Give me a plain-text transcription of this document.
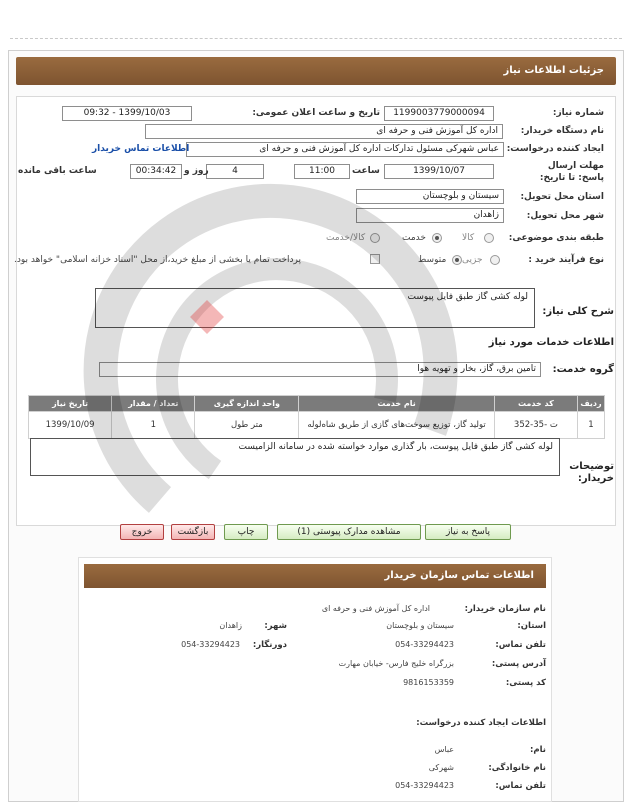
جزئیات اطلاعات نیاز
شماره نیاز:
1199003779000094
تاریخ و ساعت اعلان عمومی:
1399/10/03 - 09:32
نام دستگاه خریدار:
اداره کل آموزش فنی و حرفه ای
ایجاد کننده درخواست:
عباس شهرکی مسئول تدارکات اداره کل آموزش فنی و حرفه ای
اطلاعات تماس خریدار
مهلت ارسال پاسخ: تا تاریخ:
1399/10/07
ساعت
11:00
4
روز و
00:34:42
ساعت باقی مانده
استان محل تحویل:
سیستان و بلوچستان
شهر محل تحویل:
زاهدان
طبقه بندی موضوعی:
کالا
خدمت
کالا/خدمت
نوع فرآیند خرید :
جزیی
متوسط
پرداخت تمام یا بخشی از مبلغ خرید،از محل "اسناد خزانه اسلامی" خواهد بود.
شرح کلی نیاز:
لوله کشی گاز طبق فایل پیوست
اطلاعات خدمات مورد نیاز
گروه خدمت:
تامین برق، گاز، بخار و تهویه هوا
ردیف	کد خدمت	نام خدمت	واحد اندازه گیری	تعداد / مقدار	تاریخ نیاز
1	ت -35-352	تولید گاز، توزیع سوخت‌های گازی از طریق شاه‌لوله	متر طول	1	1399/10/09
توضیحات خریدار:
لوله کشی گاز طبق فایل پیوست، بار گذاری موارد خواسته شده در سامانه الزامیست
پاسخ به نیاز
مشاهده مدارک پیوستی (1)
چاپ
بازگشت
خروج
اطلاعات تماس سازمان خریدار
نام سازمان خریدار:
اداره کل آموزش فنی و حرفه ای
استان:
سیستان و بلوچستان
شهر:
زاهدان
تلفن تماس:
054-33294423
دورنگار:
054-33294423
آدرس پستی:
بزرگراه خلیج فارس- خیابان مهارت
کد پستی:
9816153359
اطلاعات ایجاد کننده درخواست:
نام:
عباس
نام خانوادگی:
شهرکی
تلفن تماس:
054-33294423
